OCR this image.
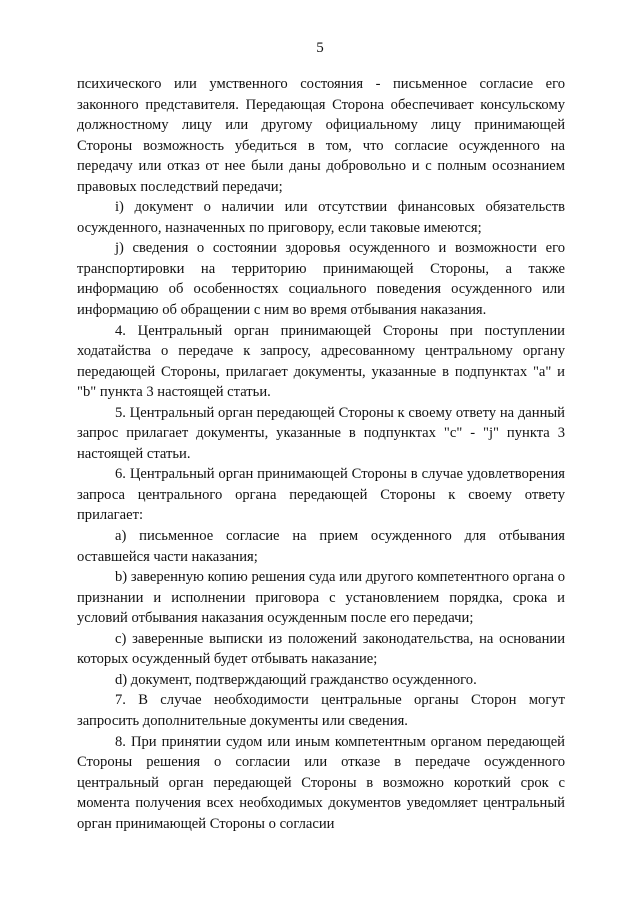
5

психического или умственного состояния - письменное согласие его законного представителя. Передающая Сторона обеспечивает консульскому должностному лицу или другому официальному лицу принимающей Стороны возможность убедиться в том, что согласие осужденного на передачу или отказ от нее были даны добровольно и с полным осознанием правовых последствий передачи;

i) документ о наличии или отсутствии финансовых обязательств осужденного, назначенных по приговору, если таковые имеются;

j) сведения о состоянии здоровья осужденного и возможности его транспортировки на территорию принимающей Стороны, а также информацию об особенностях социального поведения осужденного или информацию об обращении с ним во время отбывания наказания.

4. Центральный орган принимающей Стороны при поступлении ходатайства о передаче к запросу, адресованному центральному органу передающей Стороны, прилагает документы, указанные в подпунктах "a" и "b" пункта 3 настоящей статьи.

5. Центральный орган передающей Стороны к своему ответу на данный запрос прилагает документы, указанные в подпунктах "c" - "j" пункта 3 настоящей статьи.

6. Центральный орган принимающей Стороны в случае удовлетворения запроса центрального органа передающей Стороны к своему ответу прилагает:

a) письменное согласие на прием осужденного для отбывания оставшейся части наказания;

b) заверенную копию решения суда или другого компетентного органа о признании и исполнении приговора с установлением порядка, срока и условий отбывания наказания осужденным после его передачи;

c) заверенные выписки из положений законодательства, на основании которых осужденный будет отбывать наказание;

d) документ, подтверждающий гражданство осужденного.

7. В случае необходимости центральные органы Сторон могут запросить дополнительные документы или сведения.

8. При принятии судом или иным компетентным органом передающей Стороны решения о согласии или отказе в передаче осужденного центральный орган передающей Стороны в возможно короткий срок с момента получения всех необходимых документов уведомляет центральный орган принимающей Стороны о согласии
